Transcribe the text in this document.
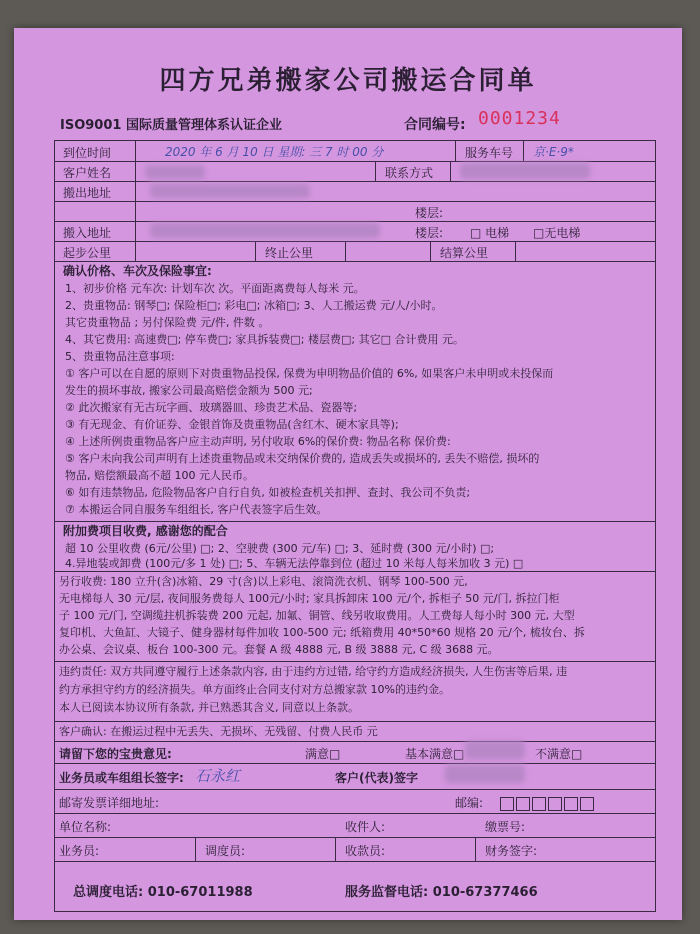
四方兄弟搬家公司搬运合同单
ISO9001 国际质量管理体系认证企业	合同编号: 0001234
到位时间	2020 年 6 月 10 日 星期: 三 7 时 00 分	服务车号 京·E·9*
客户姓名	联系方式
搬出地址
楼层:
搬入地址	楼层: □ 电梯 □无电梯
起步公里	终止公里	结算公里
确认价格、车次及保险事宜:
1、初步价格 元车次: 计划车次 次。平面距离费每人每米 元。
2、贵重物品: 钢琴□; 保险柜□; 彩电□; 冰箱□; 3、人工搬运费 元/人/小时。
其它贵重物品 ; 另付保险费 元/件, 件数 。
4、其它费用: 高速费□; 停车费□; 家具拆装费□; 楼层费□; 其它□ 合计费用 元。
5、贵重物品注意事项:
① 客户可以在自愿的原则下对贵重物品投保, 保费为申明物品价值的 6%, 如果客户未申明或未投保而
发生的损坏事故, 搬家公司最高赔偿金额为 500 元;
② 此次搬家有无古玩字画、玻璃器皿、珍贵艺术品、瓷器等;
③ 有无现金、有价证券、金银首饰及贵重物品(含红木、硬木家具等);
④ 上述所例贵重物品客户应主动声明, 另付收取 6%的保价费: 物品名称 保价费:
⑤ 客户未向我公司声明有上述贵重物品或未交纳保价费的, 造成丢失或损坏的, 丢失不赔偿, 损坏的
物品, 赔偿额最高不超 100 元人民币。
⑥ 如有违禁物品, 危险物品客户自行自负, 如被检查机关扣押、查封、我公司不负责;
⑦ 本搬运合同自服务车组组长, 客户代表签字后生效。
附加费项目收费, 感谢您的配合
超 10 公里收费 (6元/公里) □; 2、空驶费 (300 元/车) □; 3、延时费 (300 元/小时) □;
4.异地装或卸费 (100元/多 1 处) □; 5、车辆无法停靠到位 (超过 10 米每人每米加收 3 元) □
另行收费: 180 立升(含)冰箱、29 寸(含)以上彩电、滚筒洗衣机、钢琴 100-500 元,
无电梯每人 30 元/层, 夜间服务费每人 100元/小时; 家具拆卸床 100 元/个, 拆柜子 50 元/门, 拆拉门柜
子 100 元/门, 空调缆拄机拆装费 200 元起, 加氟、铜管、线另收取费用。人工费每人每小时 300 元, 大型
复印机、大鱼缸、大镜子、健身器材每件加收 100-500 元; 纸箱费用 40*50*60 规格 20 元/个, 梳妆台、拆
办公桌、会议桌、板台 100-300 元。套餐 A 级 4888 元, B 级 3888 元, C 级 3688 元。
违约责任: 双方共同遵守履行上述条款内容, 由于违约方过错, 给守约方造成经济损失, 人生伤害等后果, 违
约方承担守约方的经济损失。单方面终止合同支付对方总搬家款 10%的违约金。
本人已阅读本协议所有条款, 并已熟悉其含义, 同意以上条款。
客户确认: 在搬运过程中无丢失、无损坏、无残留、付费人民币 元
请留下您的宝贵意见:	满意□	基本满意□	不满意□
业务员或车组组长签字: 石永红	客户(代表)签字
邮寄发票详细地址:	邮编:
单位名称:	收件人:	缴票号:
业务员:	调度员:	收款员:	财务签字:
总调度电话: 010-67011988	服务监督电话: 010-67377466
